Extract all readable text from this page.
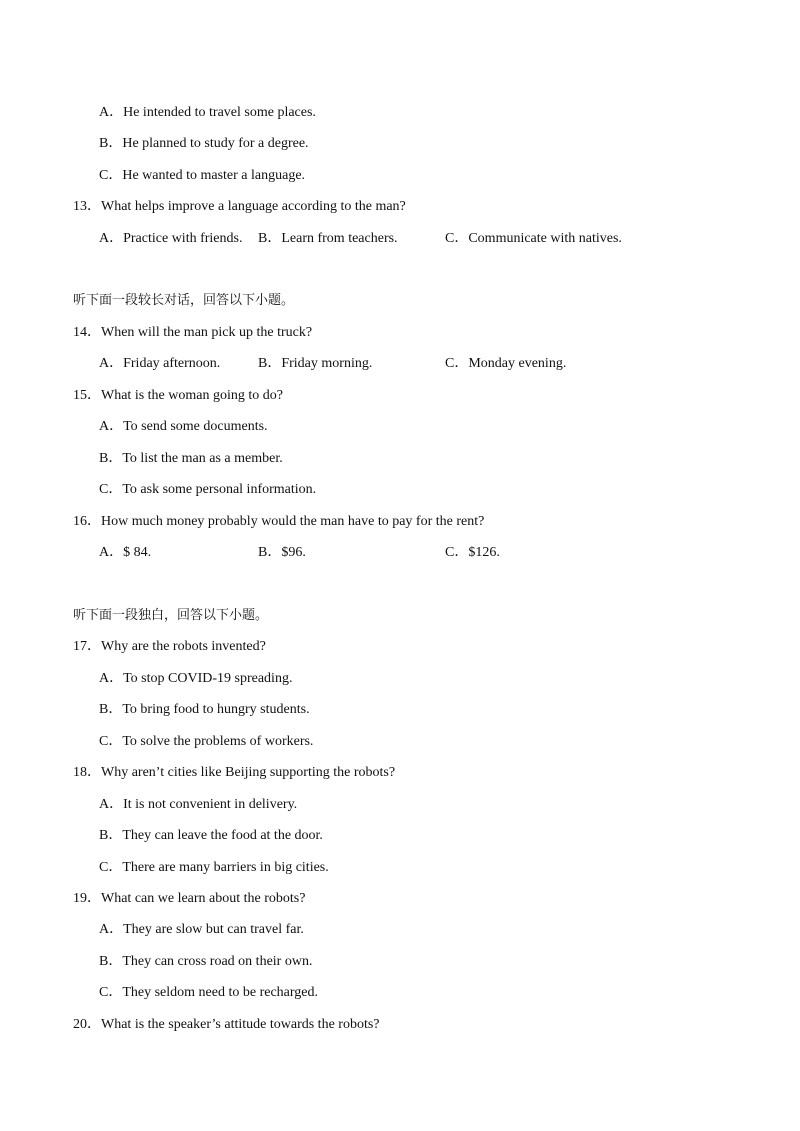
A．He intended to travel some places.
B．He planned to study for a degree.
C．He wanted to master a language.
13．What helps improve a language according to the man?
A．Practice with friends. B．Learn from teachers.	C．Communicate with natives.
听下面一段较长对话，回答以下小题。
14．When will the man pick up the truck?
A．Friday afternoon.	B．Friday morning.	C．Monday evening.
15．What is the woman going to do?
A．To send some documents.
B．To list the man as a member.
C．To ask some personal information.
16．How much money probably would the man have to pay for the rent?
A．$ 84.	B．$96.	C．$126.
听下面一段独白，回答以下小题。
17．Why are the robots invented?
A．To stop COVID-19 spreading.
B．To bring food to hungry students.
C．To solve the problems of workers.
18．Why aren’t cities like Beijing supporting the robots?
A．It is not convenient in delivery.
B．They can leave the food at the door.
C．There are many barriers in big cities.
19．What can we learn about the robots?
A．They are slow but can travel far.
B．They can cross road on their own.
C．They seldom need to be recharged.
20．What is the speaker’s attitude towards the robots?
